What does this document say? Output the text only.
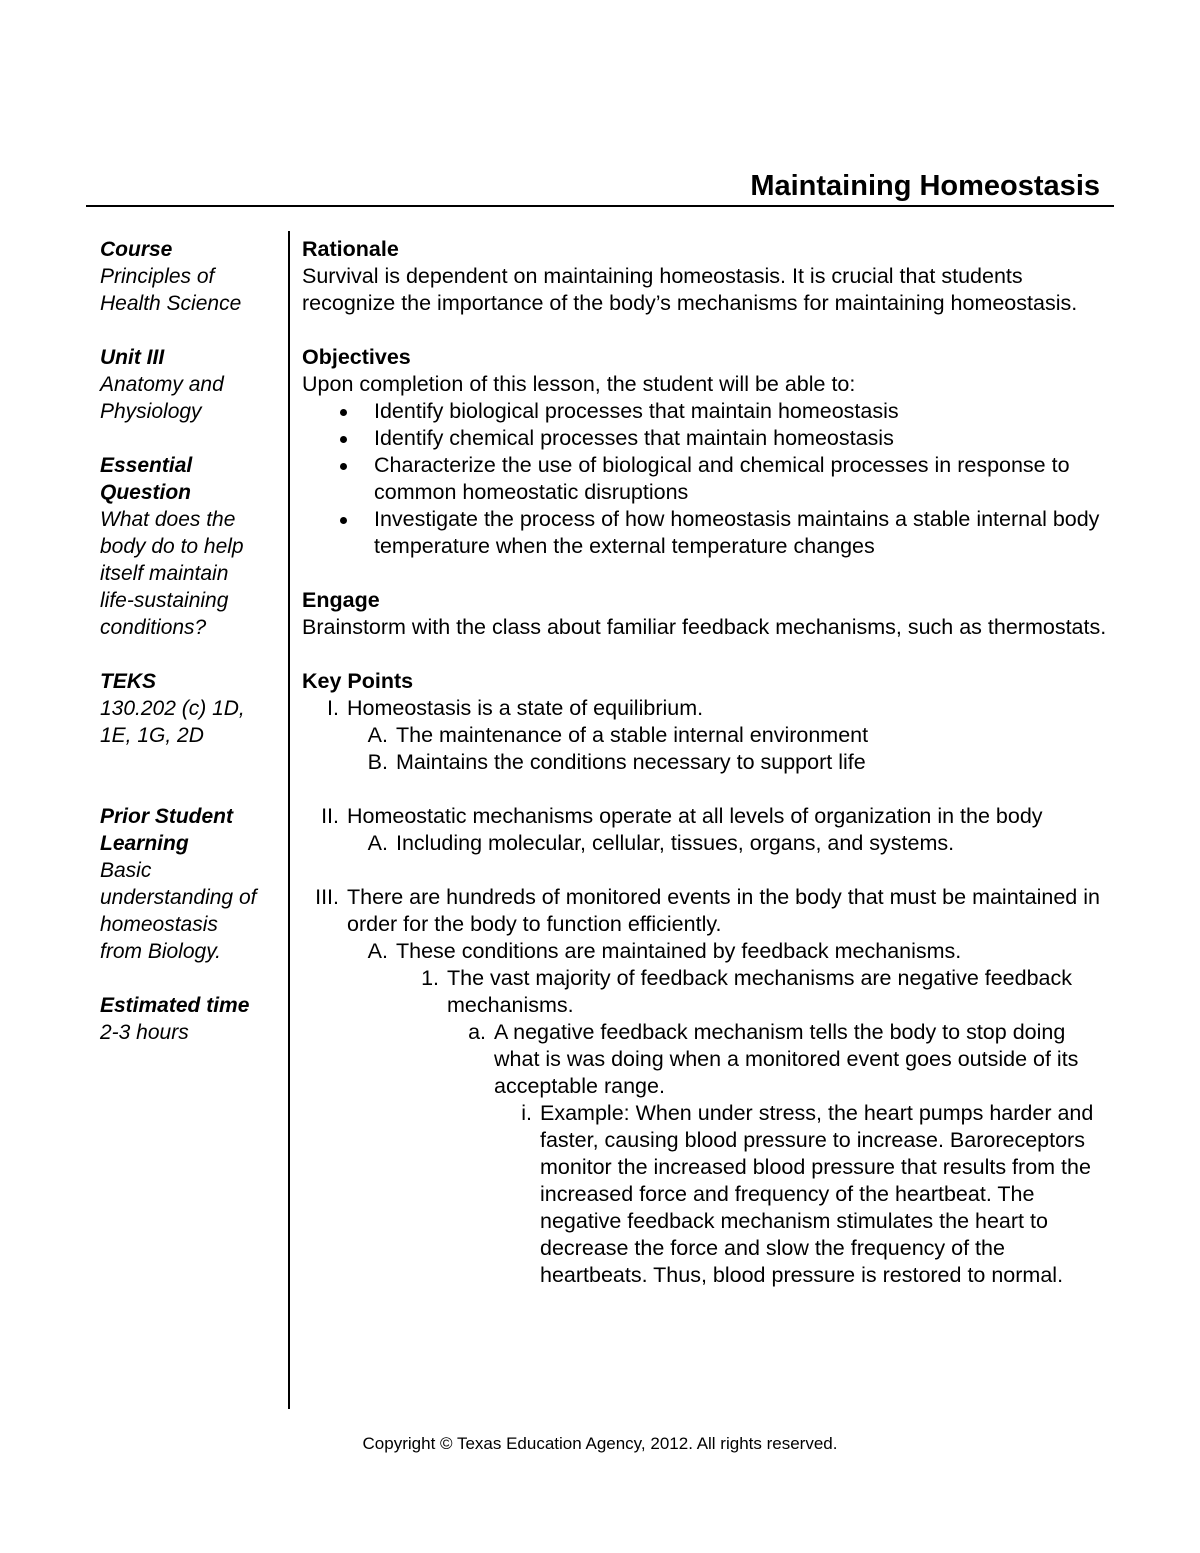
Maintaining Homeostasis
Course
Principles of
Health Science
Unit III
Anatomy and
Physiology
Essential
Question
What does the
body do to help
itself maintain
life-sustaining
conditions?
TEKS
130.202 (c) 1D,
1E, 1G, 2D
Prior Student
Learning
Basic
understanding of
homeostasis
from Biology.
Estimated time
2-3 hours
Rationale

Survival is dependent on maintaining homeostasis. It is crucial that students recognize the importance of the body’s mechanisms for maintaining homeostasis.

Objectives

Upon completion of this lesson, the student will be able to:

Identify biological processes that maintain homeostasis
Identify chemical processes that maintain homeostasis
Characterize the use of biological and chemical processes in response to common homeostatic disruptions
Investigate the process of how homeostasis maintains a stable internal body temperature when the external temperature changes
Engage

Brainstorm with the class about familiar feedback mechanisms, such as thermostats.

Key Points
I. Homeostasis is a state of equilibrium.
A. The maintenance of a stable internal environment
B. Maintains the conditions necessary to support life
II. Homeostatic mechanisms operate at all levels of organization in the body
A. Including molecular, cellular, tissues, organs, and systems.
III. There are hundreds of monitored events in the body that must be maintained in order for the body to function efficiently.
A. These conditions are maintained by feedback mechanisms.
1. The vast majority of feedback mechanisms are negative feedback mechanisms.
a. A negative feedback mechanism tells the body to stop doing what is was doing when a monitored event goes outside of its acceptable range.
i. Example: When under stress, the heart pumps harder and faster, causing blood pressure to increase. Baroreceptors monitor the increased blood pressure that results from the increased force and frequency of the heartbeat. The negative feedback mechanism stimulates the heart to decrease the force and slow the frequency of the heartbeats. Thus, blood pressure is restored to normal.
Copyright © Texas Education Agency, 2012. All rights reserved.
